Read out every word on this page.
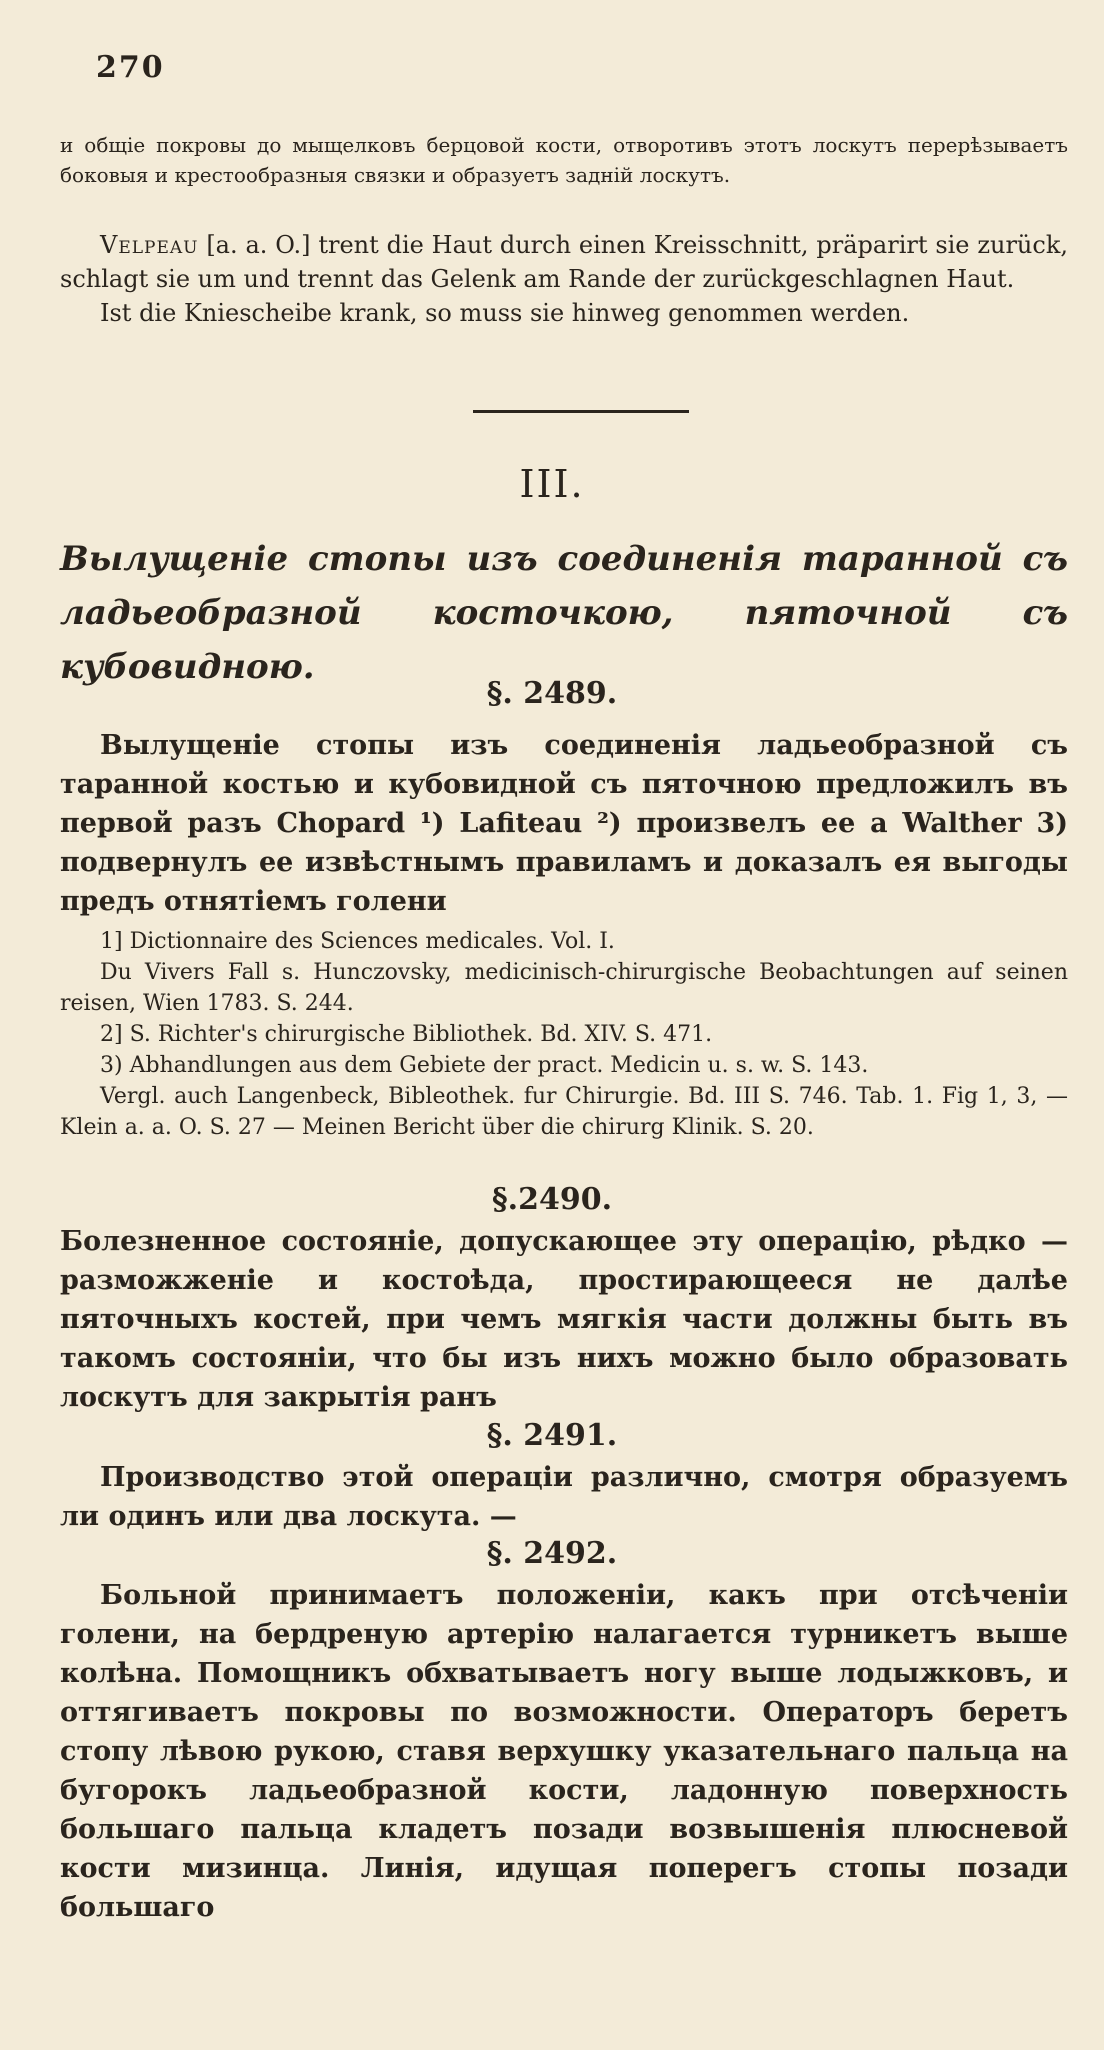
270

и общіе покровы до мыщелковъ берцовой кости, отворотивъ этотъ лоскутъ перерѣзываетъ боковыя и крестообразныя связки и образуетъ задній лоскутъ.

Velpeau [a. a. O.] trent die Haut durch einen Kreisschnitt, präparirt sie zurück, schlagt sie um und trennt das Gelenk am Rande der zurückgeschlagnen Haut.

Ist die Kniescheibe krank, so muss sie hinweg genommen werden.

III.
Вылущеніе стопы изъ соединенія таранной съ ладьеобразной косточкою, пяточной съ кубовидною.
§. 2489.

Вылущеніе стопы изъ соединенія ладьеобразной съ таранной костью и кубовидной съ пяточною предложилъ въ первой разъ Chopard ¹) Lafiteau ²) произвелъ ее а Walther 3) подвернулъ ее извѣстнымъ правиламъ и доказалъ ея выгоды предъ отнятіемъ голени

1] Dictionnaire des Sciences medicales. Vol. I.

Du Vivers Fall s. Hunczovsky, medicinisch-chirurgische Beobachtungen auf seinen reisen, Wien 1783. S. 244.

2] S. Richter's chirurgische Bibliothek. Bd. XIV. S. 471.

3) Abhandlungen aus dem Gebiete der pract. Medicin u. s. w. S. 143.

Vergl. auch Langenbeck, Bibleothek. fur Chirurgie. Bd. III S. 746. Tab. 1. Fig 1, 3, — Klein a. a. O. S. 27 — Meinen Bericht über die chirurg Klinik. S. 20.

§.2490.

Болезненное состояніе, допускающее эту операцію, рѣдко — разможженіе и костоѣда, простирающееся не далѣе пяточныхъ костей, при чемъ мягкія части должны быть въ такомъ состояніи, что бы изъ нихъ можно было образовать лоскутъ для закрытія ранъ

§. 2491.

Производство этой операціи различно, смотря образуемъ ли одинъ или два лоскута. —

§. 2492.

Больной принимаетъ положеніи, какъ при отсѣченіи голени, на бердреную артерію налагается турникетъ выше колѣна. Помощникъ обхватываетъ ногу выше лодыжковъ, и оттягиваетъ покровы по возможности. Операторъ беретъ стопу лѣвою рукою, ставя верхушку указательнаго пальца на бугорокъ ладьеобразной кости, ладонную поверхность большаго пальца кладетъ позади возвышенія плюсневой кости мизинца. Линія, идущая поперегъ стопы позади большаго
